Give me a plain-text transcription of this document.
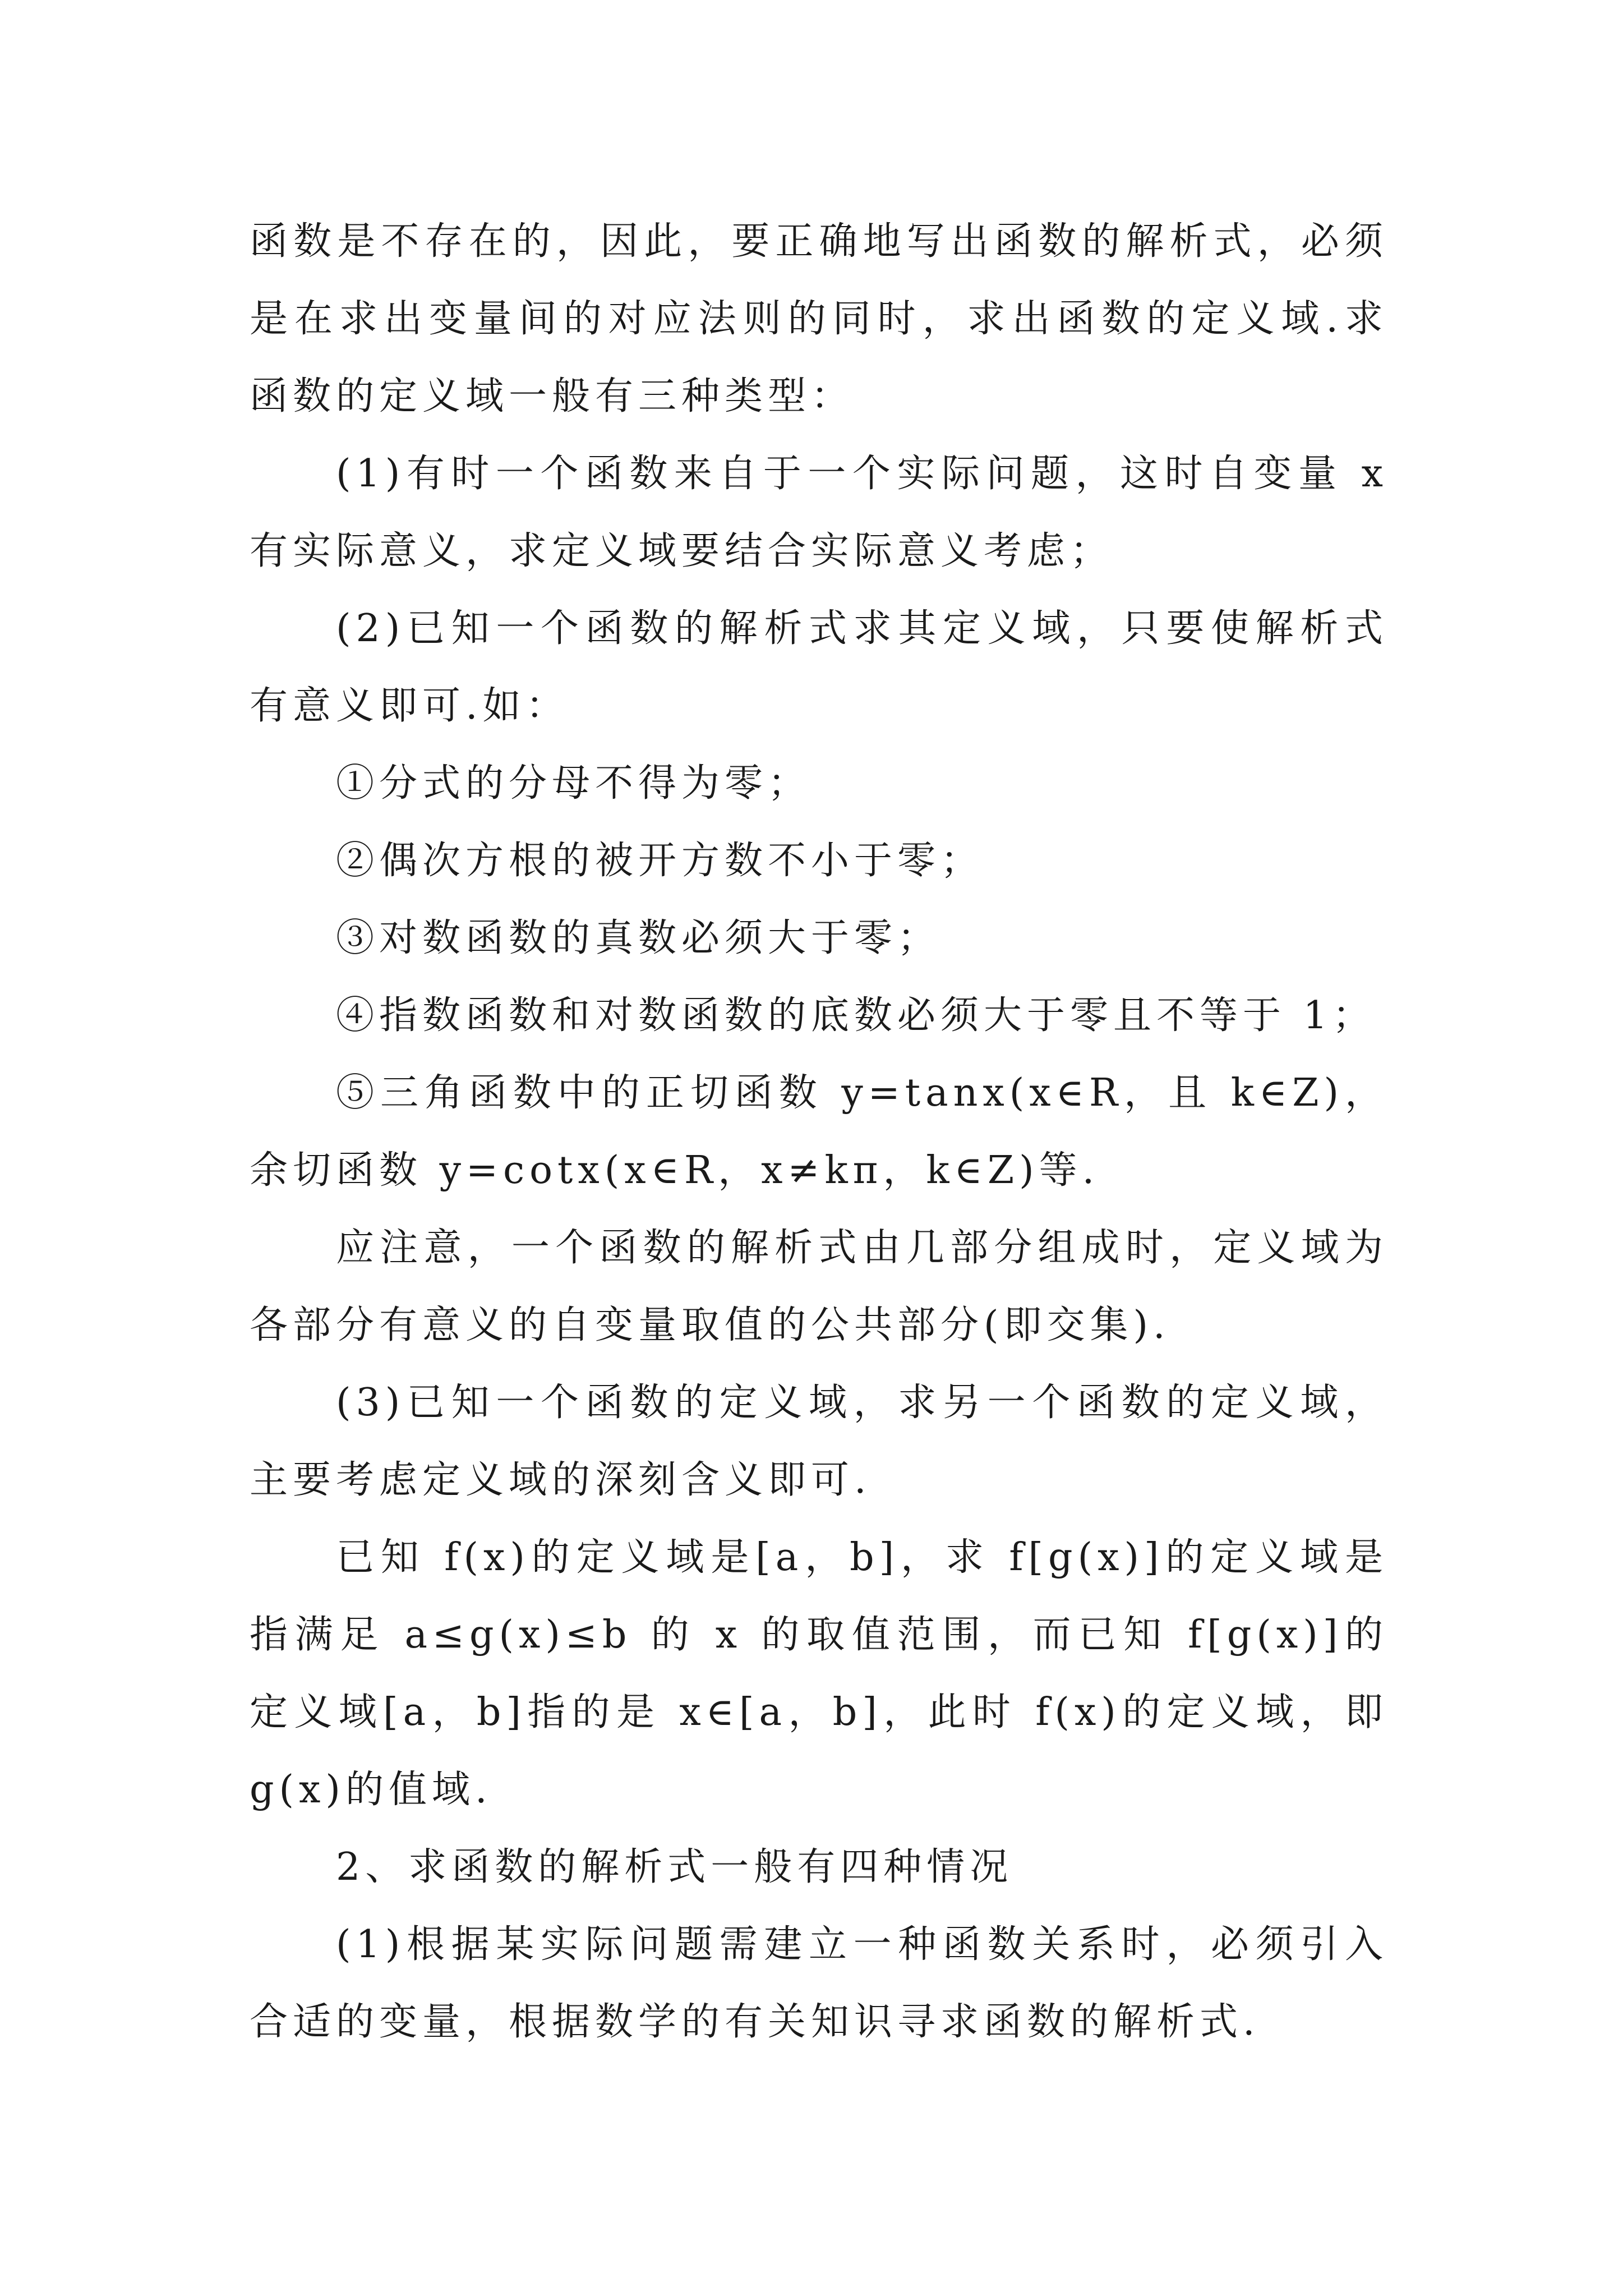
函数是不存在的，因此，要正确地写出函数的解析式，必须是在求出变量间的对应法则的同时，求出函数的定义域.求函数的定义域一般有三种类型：

(1)有时一个函数来自于一个实际问题，这时自变量 x 有实际意义，求定义域要结合实际意义考虑；

(2)已知一个函数的解析式求其定义域，只要使解析式有意义即可.如：

①分式的分母不得为零；

②偶次方根的被开方数不小于零；

③对数函数的真数必须大于零；

④指数函数和对数函数的底数必须大于零且不等于 1；

⑤三角函数中的正切函数 y=tanx(x∈R，且 k∈Z)，余切函数 y=cotx(x∈R，x≠kπ，k∈Z)等.

应注意，一个函数的解析式由几部分组成时，定义域为各部分有意义的自变量取值的公共部分(即交集).

(3)已知一个函数的定义域，求另一个函数的定义域，主要考虑定义域的深刻含义即可.

已知 f(x)的定义域是[a，b]，求 f[g(x)]的定义域是指满足 a≤g(x)≤b 的 x 的取值范围，而已知 f[g(x)]的定义域[a，b]指的是 x∈[a，b]，此时 f(x)的定义域，即 g(x)的值域.

2、求函数的解析式一般有四种情况

(1)根据某实际问题需建立一种函数关系时，必须引入合适的变量，根据数学的有关知识寻求函数的解析式.
